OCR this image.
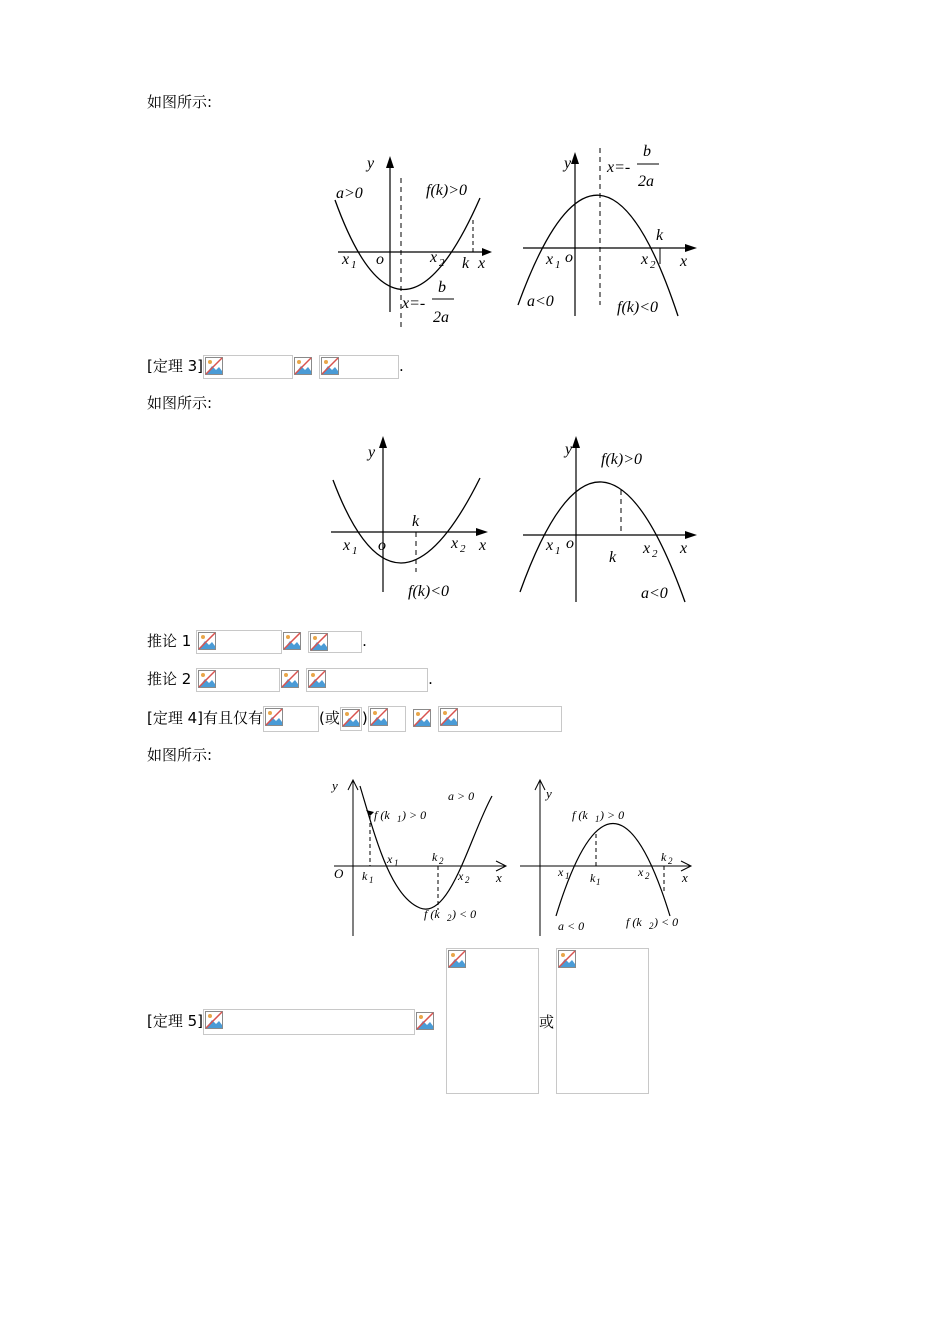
如图所示:
y
a>0	f(k)>0
x 1 o	x 2 k x
x=-
b
2a
y x=-
b
2a
k
x 1 o	x 2 x
a<0	f(k)<0
[定理 3]	.
如图所示:
y
k
x 1 o	x 2 x
f(k)<0
y
f(k)>0
x 1 o
k
x 2 x
a<0
推论 1	.
推论 2	.
[定理 4]有且仅有	(或 )
如图所示:
y
a > 0
f (k 1 ) > 0
O k 1
x 1	k 2
x 2 x
f (k 2 ) < 0
y
f (k 1 ) > 0
x 1 k 1
x 2
k 2
x
a < 0	f (k 2 ) < 0
[定理 5]	或
